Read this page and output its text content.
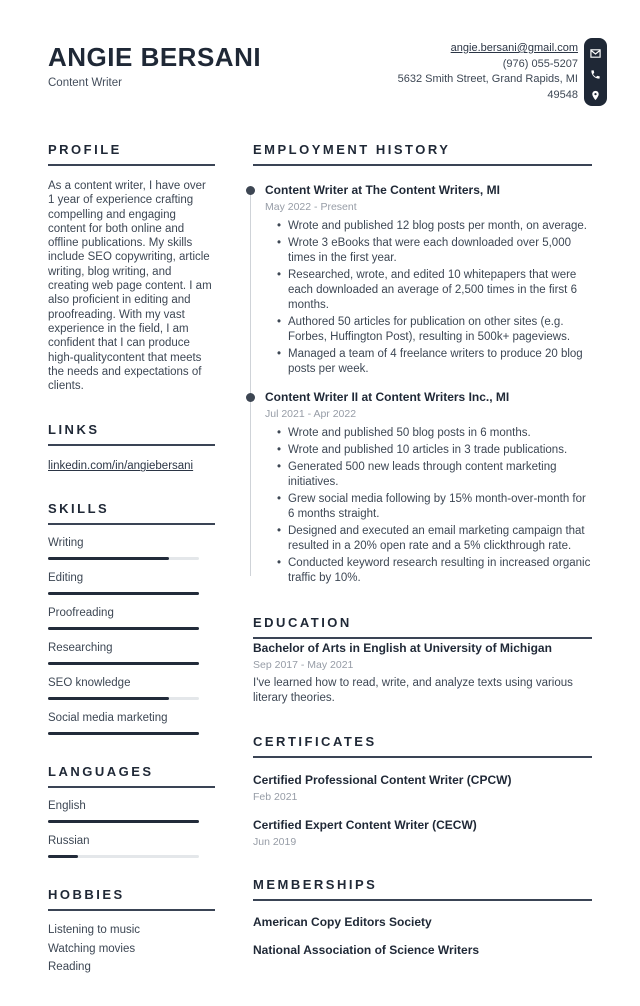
ANGIE BERSANI
Content Writer
angie.bersani@gmail.com
(976) 055-5207
5632 Smith Street, Grand Rapids, MI
49548
PROFILE
As a content writer, I have over 1 year of experience crafting compelling and engaging content for both online and offline publications. My skills include SEO copywriting, article writing, blog writing, and creating web page content. I am also proficient in editing and proofreading. With my vast experience in the field, I am confident that I can produce high-qualitycontent that meets the needs and expectations of clients.
LINKS
linkedin.com/in/angiebersani
SKILLS
Writing
Editing
Proofreading
Researching
SEO knowledge
Social media marketing
LANGUAGES
English
Russian
HOBBIES
Listening to music
Watching movies
Reading
EMPLOYMENT HISTORY
Content Writer at The Content Writers, MI
May 2022 - Present
• Wrote and published 12 blog posts per month, on average.
• Wrote 3 eBooks that were each downloaded over 5,000 times in the first year.
• Researched, wrote, and edited 10 whitepapers that were each downloaded an average of 2,500 times in the first 6 months.
• Authored 50 articles for publication on other sites (e.g. Forbes, Huffington Post), resulting in 500k+ pageviews.
• Managed a team of 4 freelance writers to produce 20 blog posts per week.
Content Writer II at Content Writers Inc., MI
Jul 2021 - Apr 2022
• Wrote and published 50 blog posts in 6 months.
• Wrote and published 10 articles in 3 trade publications.
• Generated 500 new leads through content marketing initiatives.
• Grew social media following by 15% month-over-month for 6 months straight.
• Designed and executed an email marketing campaign that resulted in a 20% open rate and a 5% clickthrough rate.
• Conducted keyword research resulting in increased organic traffic by 10%.
EDUCATION
Bachelor of Arts in English at University of Michigan
Sep 2017 - May 2021
I've learned how to read, write, and analyze texts using various literary theories.
CERTIFICATES
Certified Professional Content Writer (CPCW)
Feb 2021
Certified Expert Content Writer (CECW)
Jun 2019
MEMBERSHIPS
American Copy Editors Society
National Association of Science Writers
